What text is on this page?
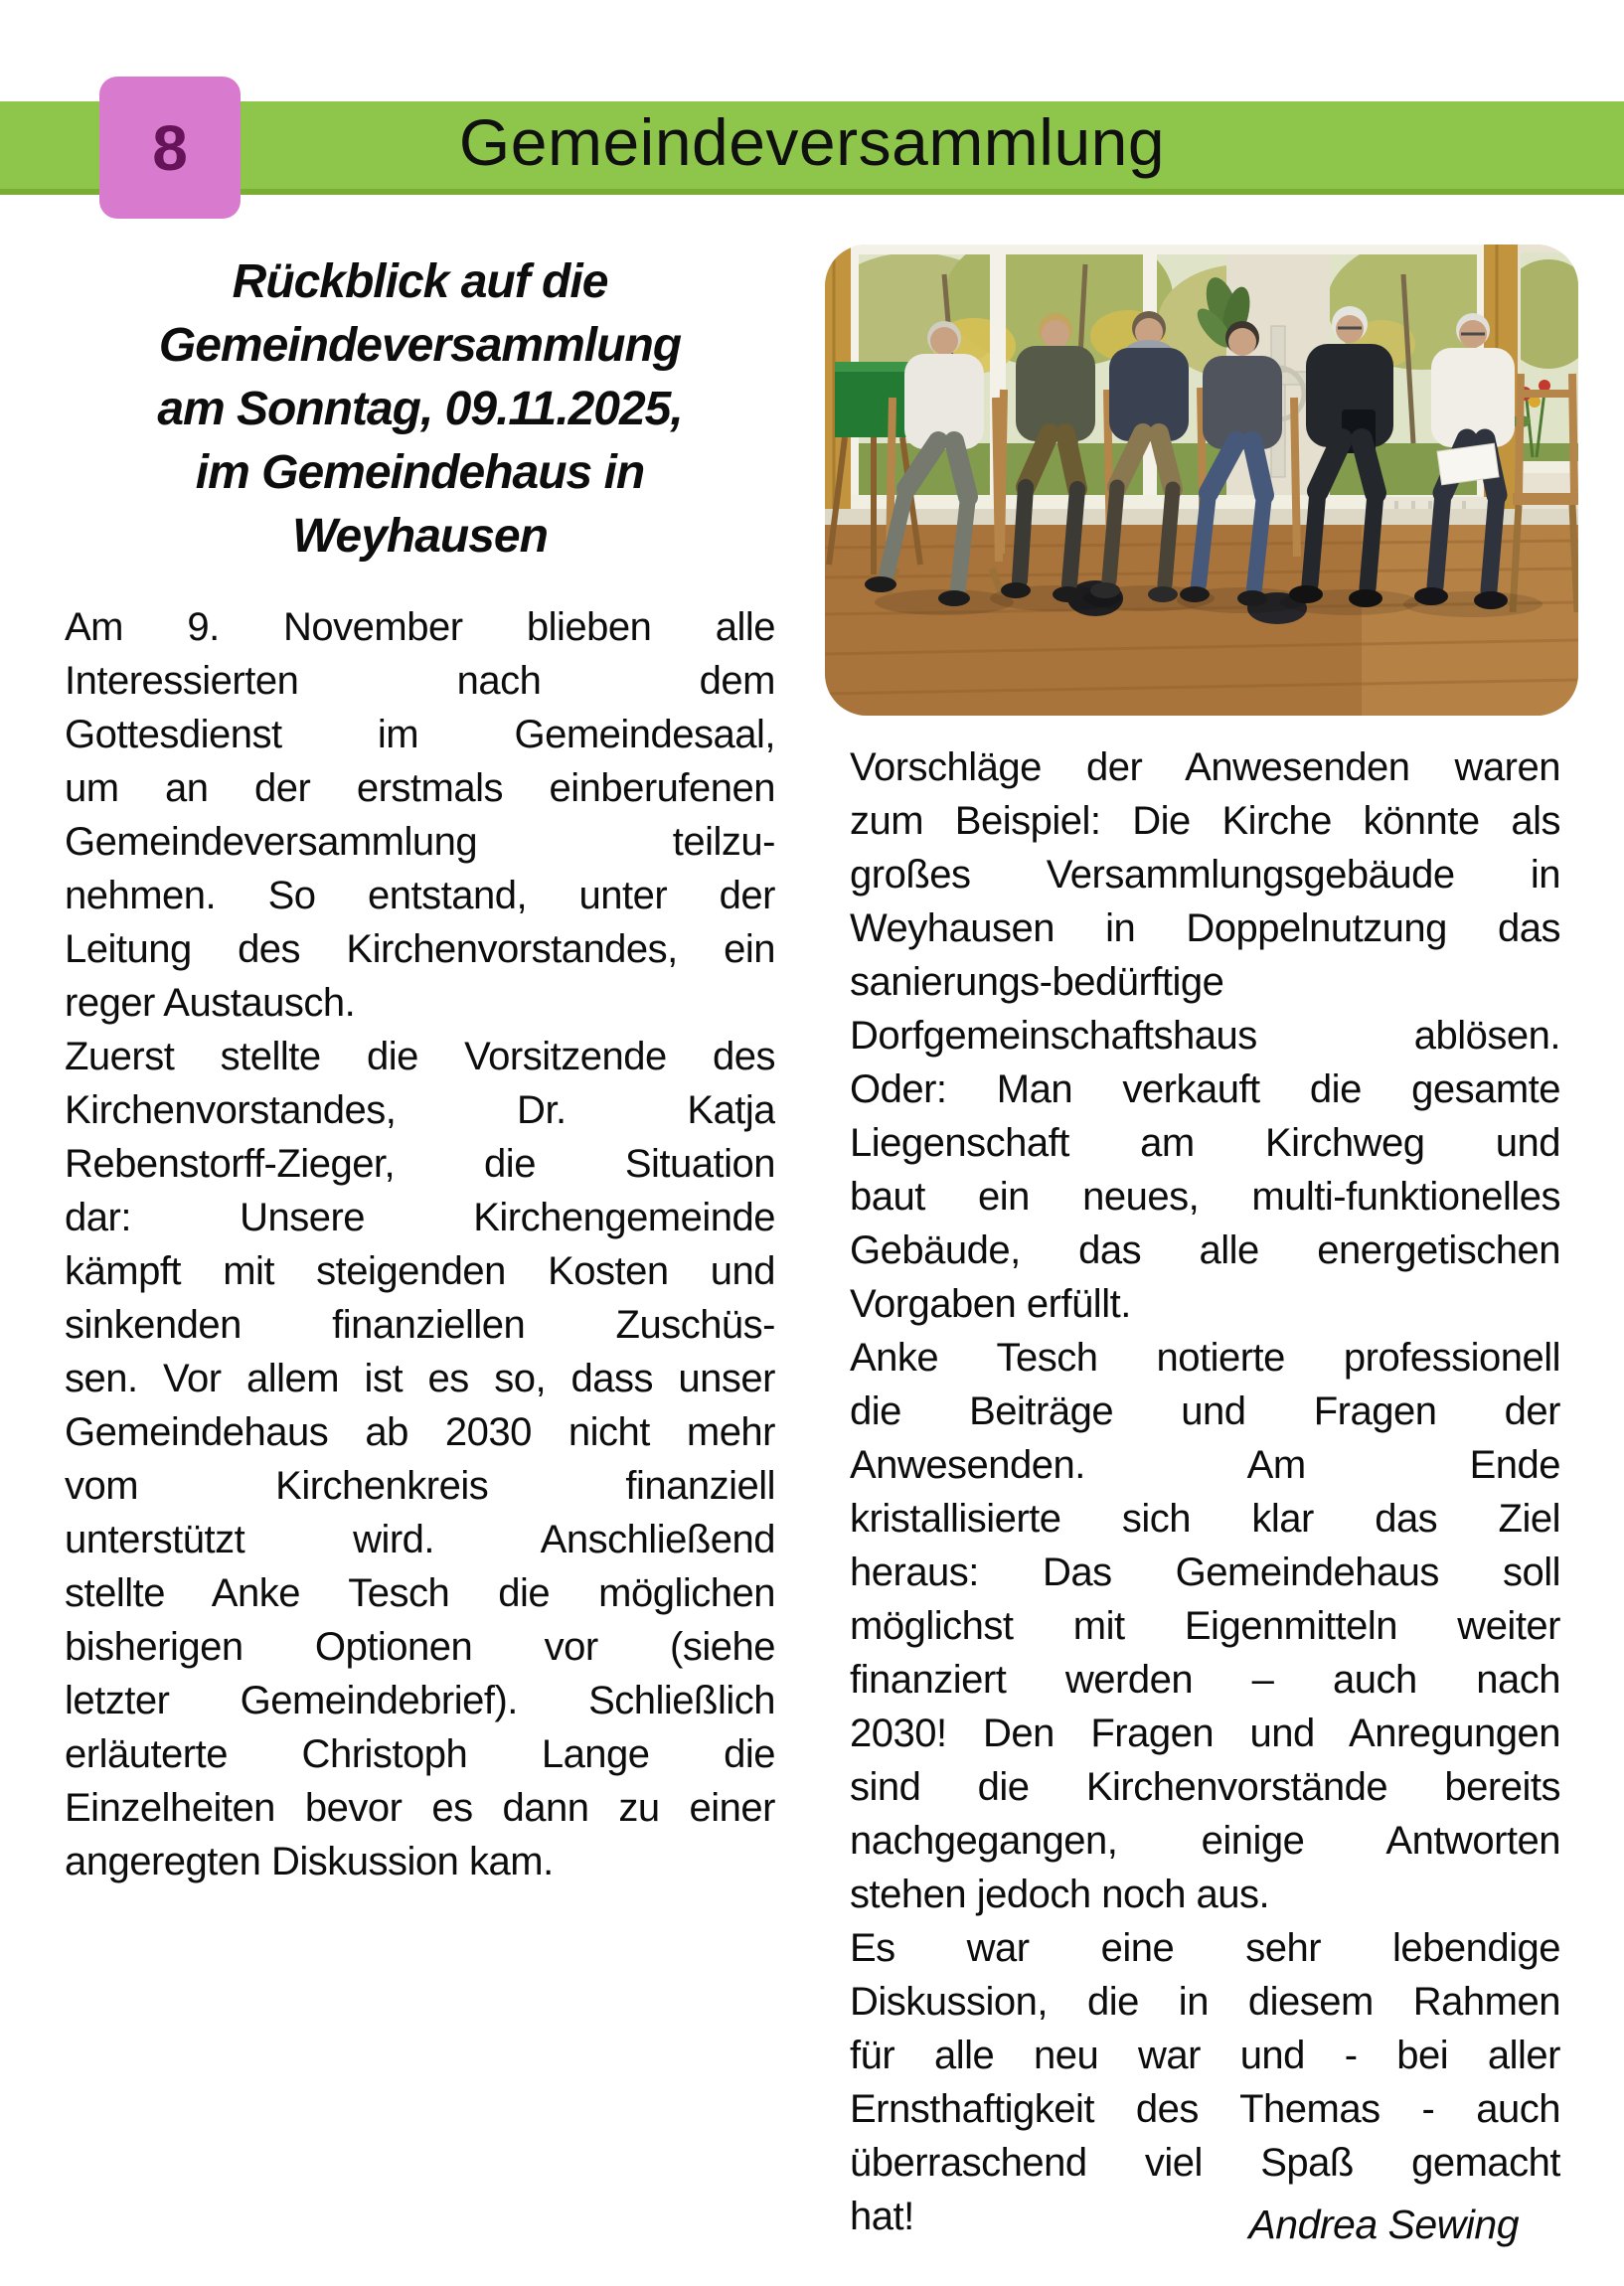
Gemeindeversammlung
8
Rückblick auf die
Gemeindeversammlung
am Sonntag, 09.11.2025,
im Gemeindehaus in Weyhausen
Am 9. November blieben alle
Interessierten nach dem
Gottesdienst im Gemeindesaal,
um an der erstmals einberufenen
Gemeindeversammlung teilzu-
nehmen. So entstand, unter der
Leitung des Kirchenvorstandes, ein
reger Austausch.
Zuerst stellte die Vorsitzende des
Kirchenvorstandes, Dr. Katja
Rebenstorff-Zieger, die Situation
dar: Unsere Kirchengemeinde
kämpft mit steigenden Kosten und
sinkenden finanziellen Zuschüs-
sen. Vor allem ist es so, dass unser
Gemeindehaus ab 2030 nicht mehr
vom Kirchenkreis finanziell
unterstützt wird. Anschließend
stellte Anke Tesch die möglichen
bisherigen Optionen vor (siehe
letzter Gemeindebrief). Schließlich
erläuterte Christoph Lange die
Einzelheiten bevor es dann zu einer
angeregten Diskussion kam.
Vorschläge der Anwesenden waren
zum Beispiel: Die Kirche könnte als
großes Versammlungsgebäude in
Weyhausen in Doppelnutzung das
sanierungs-bedürftige
Dorfgemeinschaftshaus ablösen.
Oder: Man verkauft die gesamte
Liegenschaft am Kirchweg und
baut ein neues, multi-funktionelles
Gebäude, das alle energetischen
Vorgaben erfüllt.
Anke Tesch notierte professionell
die Beiträge und Fragen der
Anwesenden. Am Ende
kristallisierte sich klar das Ziel
heraus: Das Gemeindehaus soll
möglichst mit Eigenmitteln weiter
finanziert werden – auch nach
2030! Den Fragen und Anregungen
sind die Kirchenvorstände bereits
nachgegangen, einige Antworten
stehen jedoch noch aus.
Es war eine sehr lebendige
Diskussion, die in diesem Rahmen
für alle neu war und - bei aller
Ernsthaftigkeit des Themas - auch
überraschend viel Spaß gemacht
hat!	Andrea Sewing
